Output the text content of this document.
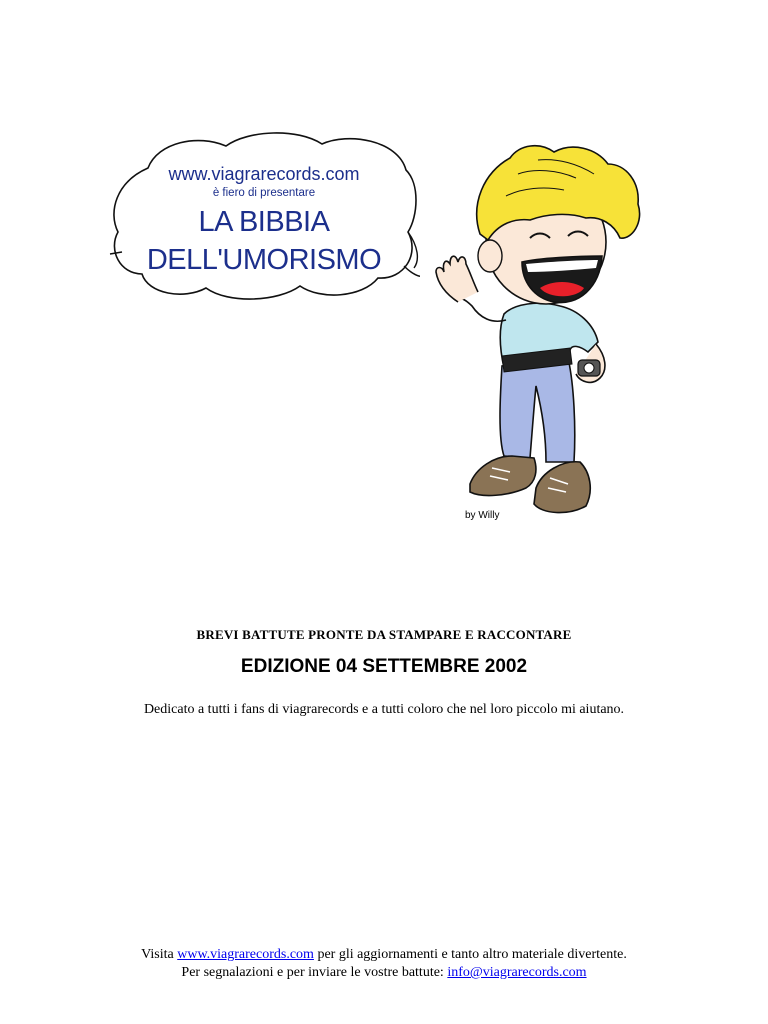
www.viagrarecords.com
è fiero di presentare
LA BIBBIA
DELL'UMORISMO
by Willy
BREVI BATTUTE PRONTE DA STAMPARE E RACCONTARE
EDIZIONE 04 SETTEMBRE 2002
Dedicato a tutti i fans di viagrarecords e a tutti coloro che nel loro piccolo mi aiutano.
Visita www.viagrarecords.com per gli aggiornamenti e tanto altro materiale divertente.
Per segnalazioni e per inviare le vostre battute: info@viagrarecords.com
